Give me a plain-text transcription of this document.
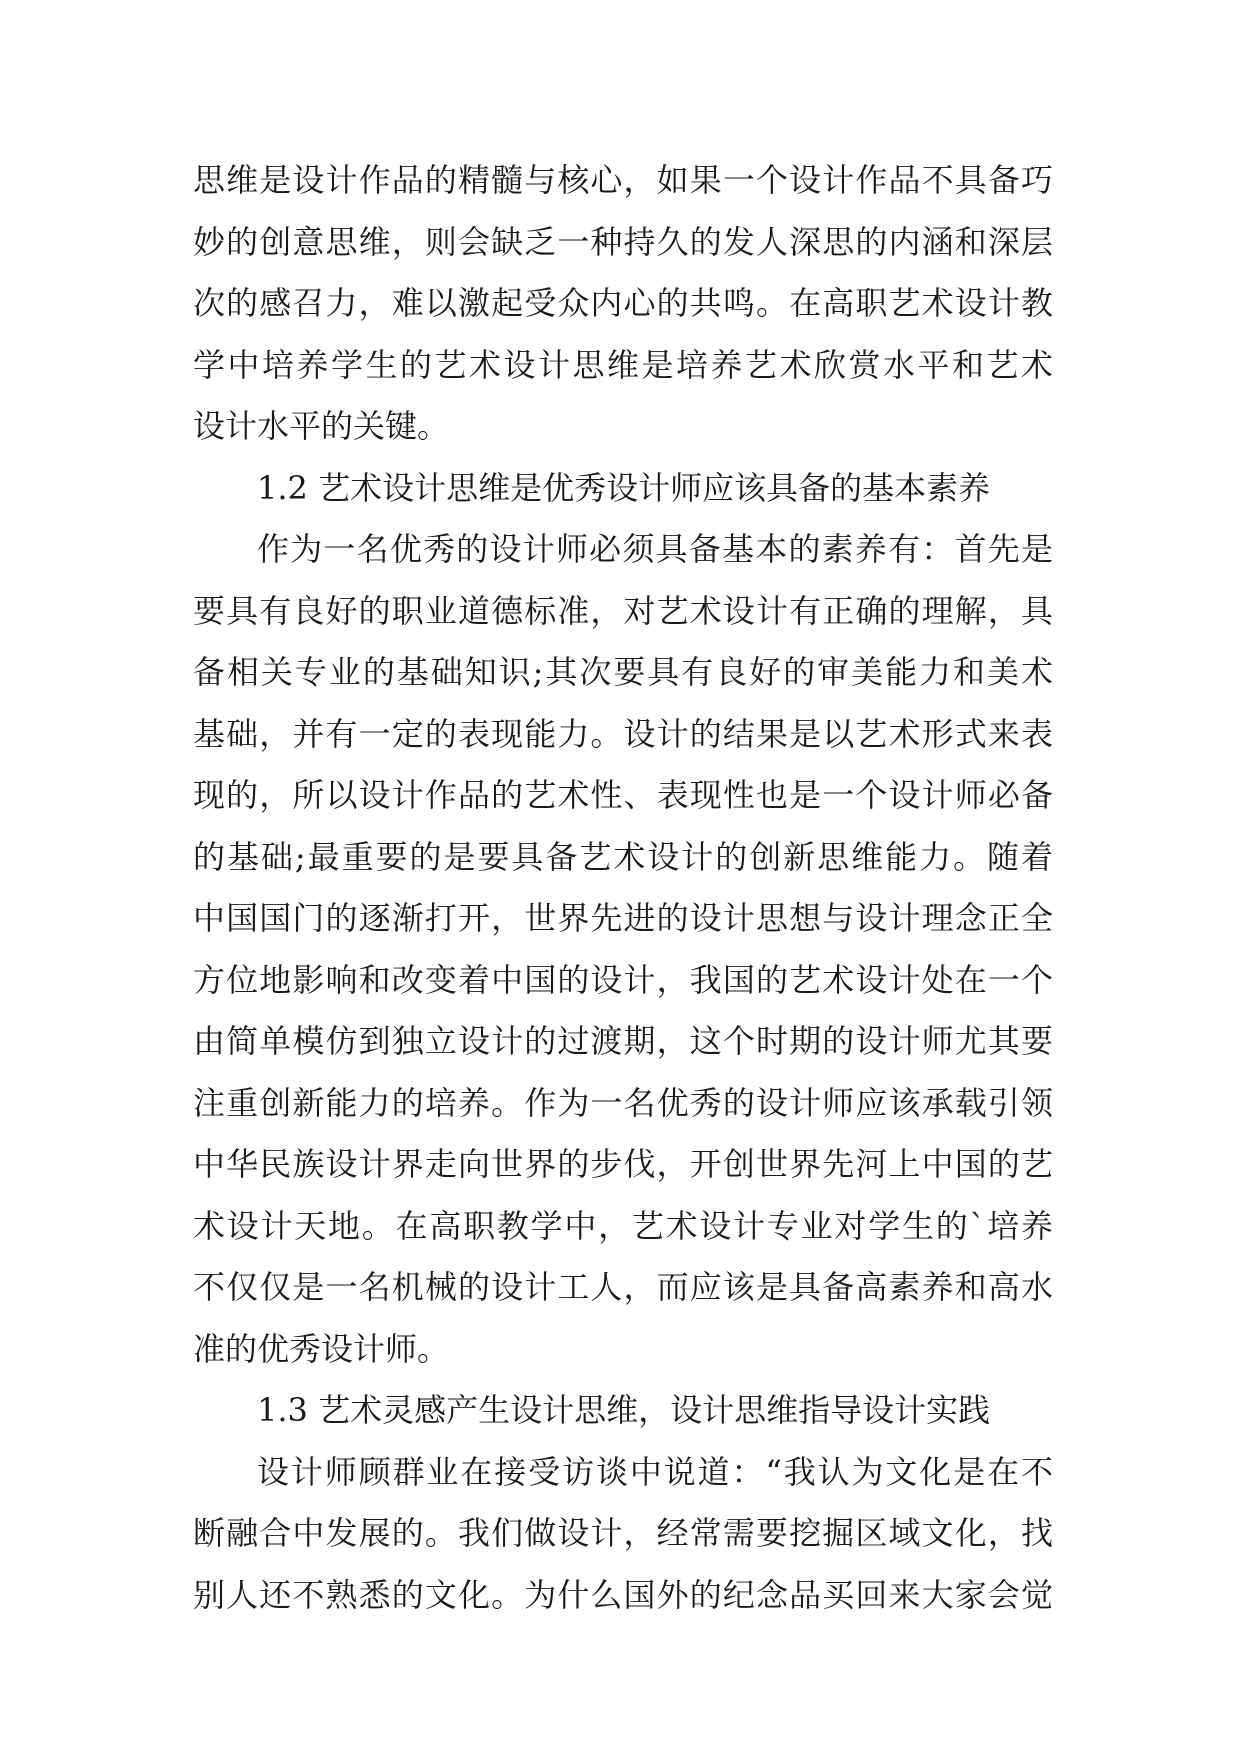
思维是设计作品的精髓与核心，如果一个设计作品不具备巧
妙的创意思维，则会缺乏一种持久的发人深思的内涵和深层
次的感召力，难以激起受众内心的共鸣。在高职艺术设计教
学中培养学生的艺术设计思维是培养艺术欣赏水平和艺术
设计水平的关键。
1.2 艺术设计思维是优秀设计师应该具备的基本素养
作为一名优秀的设计师必须具备基本的素养有：首先是
要具有良好的职业道德标准，对艺术设计有正确的理解，具
备相关专业的基础知识;其次要具有良好的审美能力和美术
基础，并有一定的表现能力。设计的结果是以艺术形式来表
现的，所以设计作品的艺术性、表现性也是一个设计师必备
的基础;最重要的是要具备艺术设计的创新思维能力。随着
中国国门的逐渐打开，世界先进的设计思想与设计理念正全
方位地影响和改变着中国的设计，我国的艺术设计处在一个
由简单模仿到独立设计的过渡期，这个时期的设计师尤其要
注重创新能力的培养。作为一名优秀的设计师应该承载引领
中华民族设计界走向世界的步伐，开创世界先河上中国的艺
术设计天地。在高职教学中，艺术设计专业对学生的`培养
不仅仅是一名机械的设计工人，而应该是具备高素养和高水
准的优秀设计师。
1.3 艺术灵感产生设计思维，设计思维指导设计实践
设计师顾群业在接受访谈中说道：“我认为文化是在不
断融合中发展的。我们做设计，经常需要挖掘区域文化，找
别人还不熟悉的文化。为什么国外的纪念品买回来大家会觉
